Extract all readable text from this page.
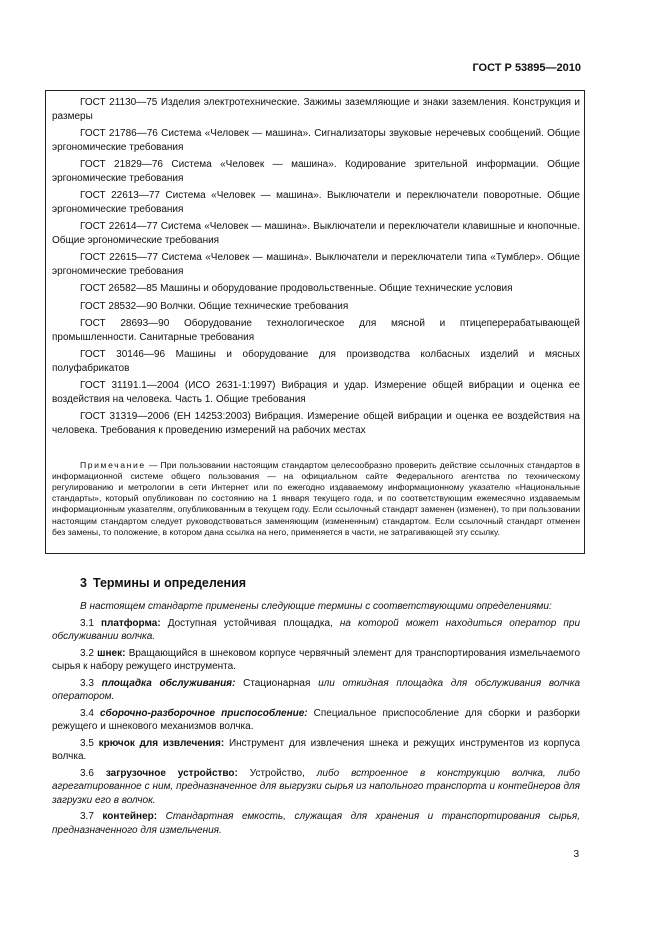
ГОСТ Р 53895—2010

ГОСТ 21130—75 Изделия электротехнические. Зажимы заземляющие и знаки заземления. Конструкция и размеры

ГОСТ 21786—76 Система «Человек — машина». Сигнализаторы звуковые неречевых сообщений. Общие эргономические требования

ГОСТ 21829—76 Система «Человек — машина». Кодирование зрительной информации. Общие эргономические требования

ГОСТ 22613—77 Система «Человек — машина». Выключатели и переключатели поворотные. Общие эргономические требования

ГОСТ 22614—77 Система «Человек — машина». Выключатели и переключатели клавишные и кнопочные. Общие эргономические требования

ГОСТ 22615—77 Система «Человек — машина». Выключатели и переключатели типа «Тумблер». Общие эргономические требования

ГОСТ 26582—85 Машины и оборудование продовольственные. Общие технические условия

ГОСТ 28532—90 Волчки. Общие технические требования

ГОСТ 28693—90 Оборудование технологическое для мясной и птицеперерабатывающей промышленности. Санитарные требования

ГОСТ 30146—96 Машины и оборудование для производства колбасных изделий и мясных полуфабрикатов

ГОСТ 31191.1—2004 (ИСО 2631-1:1997) Вибрация и удар. Измерение общей вибрации и оценка ее воздействия на человека. Часть 1. Общие требования

ГОСТ 31319—2006 (ЕН 14253:2003) Вибрация. Измерение общей вибрации и оценка ее воздействия на человека. Требования к проведению измерений на рабочих местах

Примечание — При пользовании настоящим стандартом целесообразно проверить действие ссылочных стандартов в информационной системе общего пользования — на официальном сайте Федерального агентства по техническому регулированию и метрологии в сети Интернет или по ежегодно издаваемому информационному указателю «Национальные стандарты», который опубликован по состоянию на 1 января текущего года, и по соответствующим ежемесячно издаваемым информационным указателям, опубликованным в текущем году. Если ссылочный стандарт заменен (изменен), то при пользовании настоящим стандартом следует руководствоваться заменяющим (измененным) стандартом. Если ссылочный стандарт отменен без замены, то положение, в котором дана ссылка на него, применяется в части, не затрагивающей эту ссылку.

3 Термины и определения

В настоящем стандарте применены следующие термины с соответствующими определениями:

3.1 платформа: Доступная устойчивая площадка, на которой может находиться оператор при обслуживании волчка.

3.2 шнек: Вращающийся в шнековом корпусе червячный элемент для транспортирования измельчаемого сырья к набору режущего инструмента.

3.3 площадка обслуживания: Стационарная или откидная площадка для обслуживания волчка оператором.

3.4 сборочно-разборочное приспособление: Специальное приспособление для сборки и разборки режущего и шнекового механизмов волчка.

3.5 крючок для извлечения: Инструмент для извлечения шнека и режущих инструментов из корпуса волчка.

3.6 загрузочное устройство: Устройство, либо встроенное в конструкцию волчка, либо агрегатированное с ним, предназначенное для выгрузки сырья из напольного транспорта и контейнеров для загрузки его в волчок.

3.7 контейнер: Стандартная емкость, служащая для хранения и транспортирования сырья, предназначенного для измельчения.

3
